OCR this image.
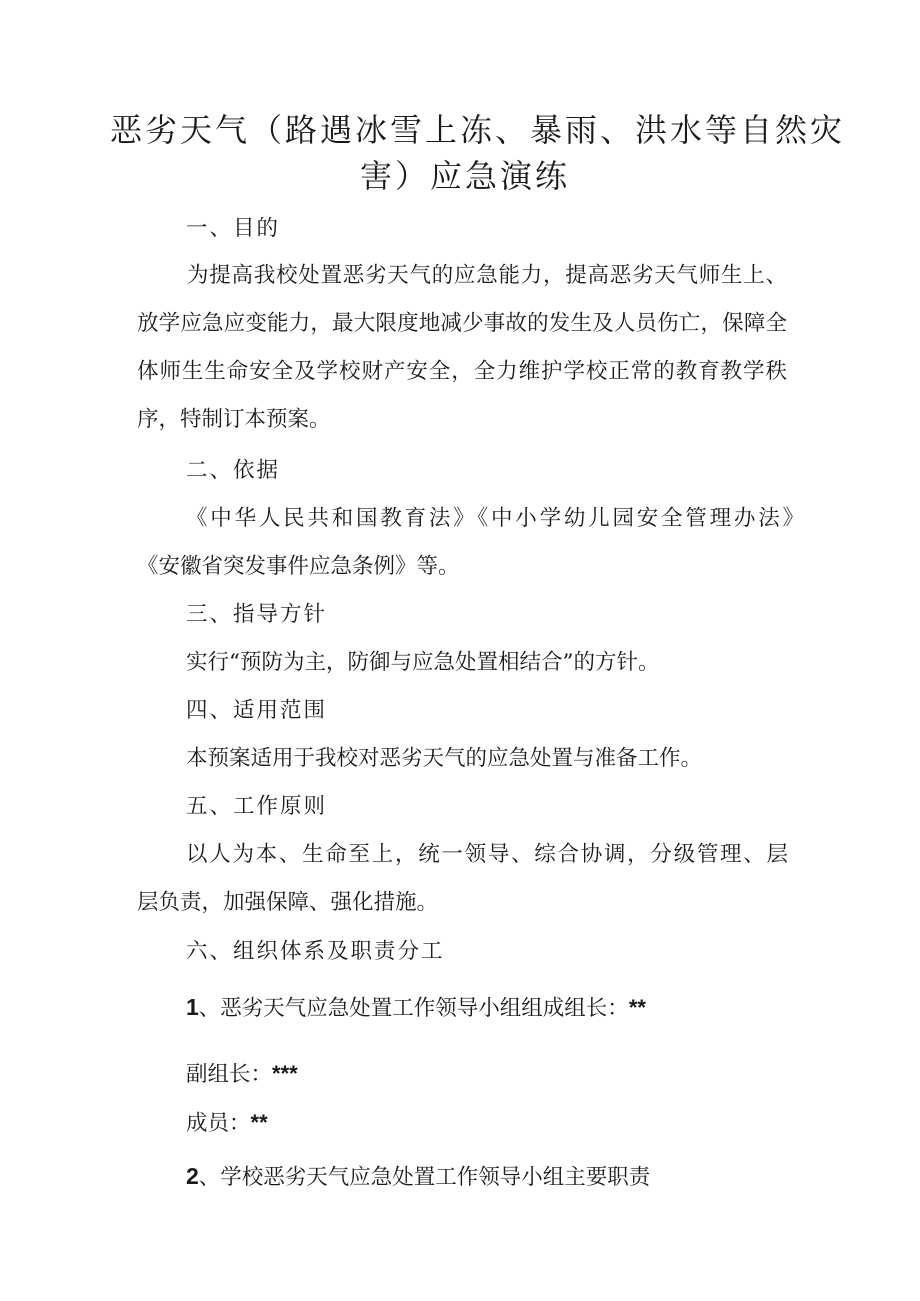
恶劣天气（路遇冰雪上冻、暴雨、洪水等自然灾
害）应急演练

一、目的

为提高我校处置恶劣天气的应急能力，提高恶劣天气师生上、放学应急应变能力，最大限度地减少事故的发生及人员伤亡，保障全体师生生命安全及学校财产安全，全力维护学校正常的教育教学秩序，特制订本预案。

二、依据

《中华人民共和国教育法》《中小学幼儿园安全管理办法》

《安徽省突发事件应急条例》等。

三、指导方针

实行“预防为主，防御与应急处置相结合”的方针。

四、适用范围

本预案适用于我校对恶劣天气的应急处置与准备工作。

五、工作原则

以人为本、生命至上，统一领导、综合协调，分级管理、层

层负责，加强保障、强化措施。

六、组织体系及职责分工

1、恶劣天气应急处置工作领导小组组成组长：**

副组长：***

成员：**

2、学校恶劣天气应急处置工作领导小组主要职责
